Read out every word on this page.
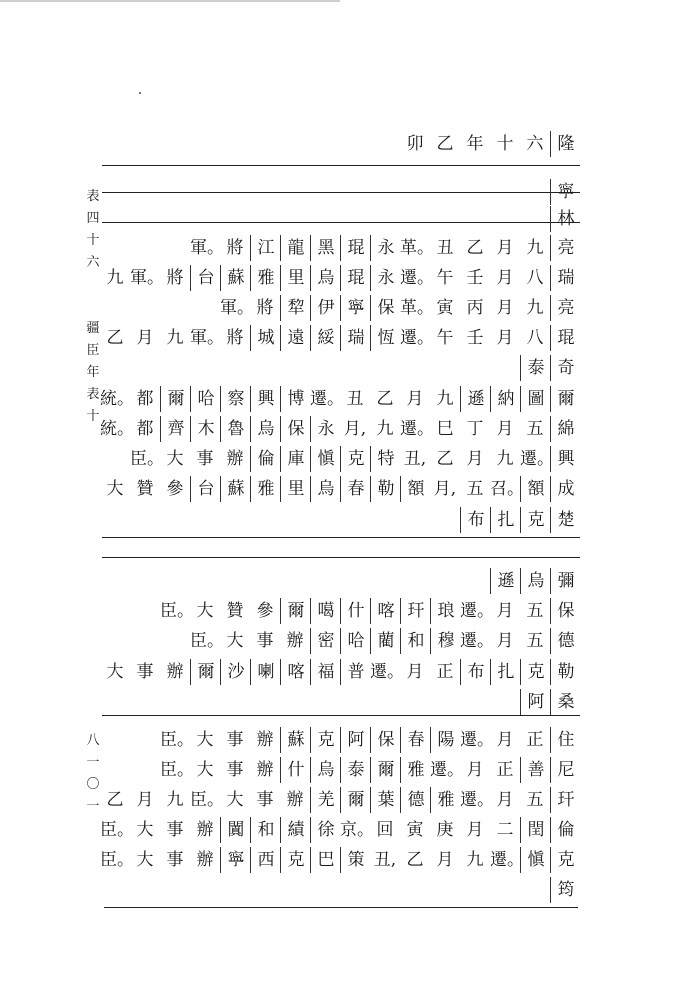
表
四
十
六
疆
臣
年
表
十
八
一
〇
一
隆
六
十
年
乙
卯
寧
林
亮
九
月
乙
丑
革。
永
琨
黑
龍
江
將
軍。
瑞
八
月
壬
午
遷。
永
琨
烏
里
雅
蘇
台
將
軍。
九
亮
九
月
丙
寅
革。
保
寧
伊
犂
將
軍。
琨
八
月
壬
午
遷。
恆
瑞
綏
遠
城
將
軍。
九
月
乙
奇
泰
爾
圖
納
遜
九
月
乙
丑
遷。
博
興
察
哈
爾
都
統。
綿
五
月
丁
巳
遷。
九
月,
永
保
烏
魯
木
齊
都
統。
興
遷。
九
月
乙
丑,
特
克
愼
庫
倫
辦
事
大
臣。
成
額
召。
五
月,
額
勒
春
烏
里
雅
蘇
台
參
贊
大
楚
克
扎
布
彌
烏
遜
保
五
月
遷。
琅
玕
喀
什
噶
爾
參
贊
大
臣。
德
五
月
遷。
穆
和
藺
哈
密
辦
事
大
臣。
勒
克
扎
布
正
月
遷。
普
福
喀
喇
沙
爾
辦
事
大
桑
阿
住
正
月
遷。
陽
春
保
阿
克
蘇
辦
事
大
臣。
尼
善
正
月
遷。
雅
爾
泰
烏
什
辦
事
大
臣。
玕
五
月
遷。
雅
德
葉
爾
羌
辦
事
大
臣。
九
月
乙
倫
閏
二
月
庚
寅
回
京。
徐
績
和
闐
辦
事
大
臣。
克
愼
遷。
九
月
乙
丑,
策
巴
克
西
寧
辦
事
大
臣。
筠
